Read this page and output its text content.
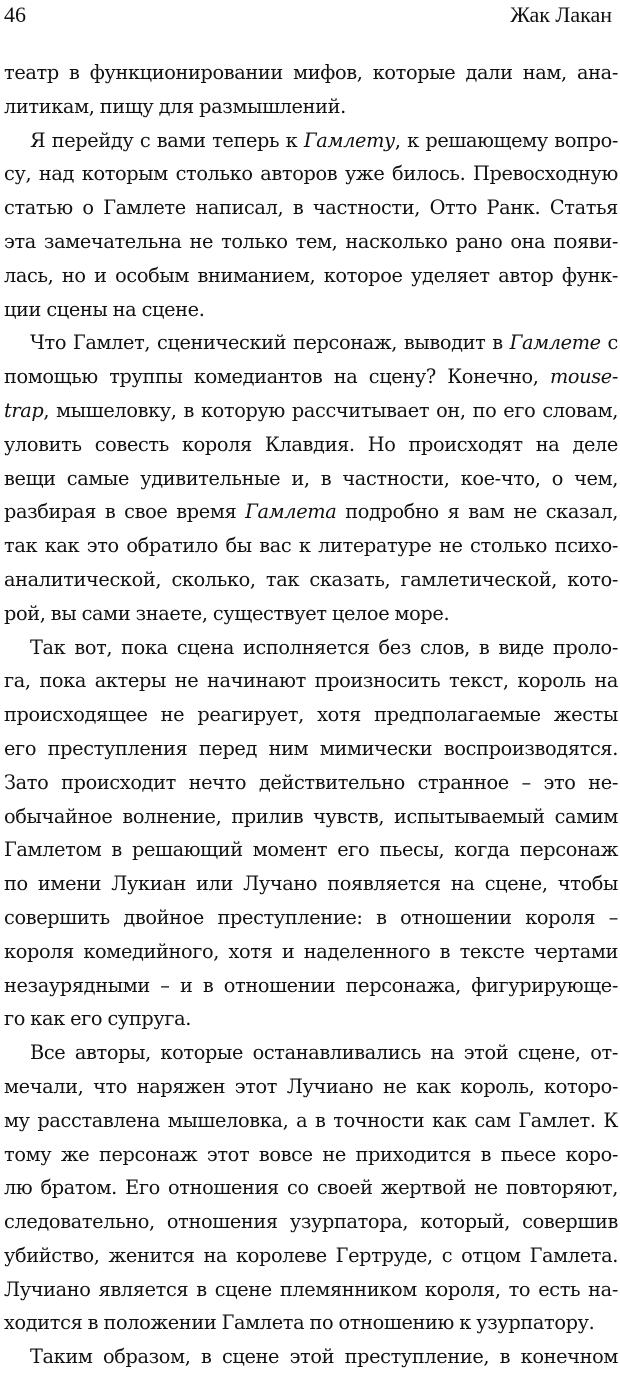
46	Жак Лакан
театр в функционировании мифов, которые дали нам, ана-
литикам, пищу для размышлений.
Я перейду с вами теперь к Гамлету, к решающему вопро-
су, над которым столько авторов уже билось. Превосходную
статью о Гамлете написал, в частности, Отто Ранк. Статья
эта замечательна не только тем, насколько рано она появи-
лась, но и особым вниманием, которое уделяет автор функ-
ции сцены на сцене.
Что Гамлет, сценический персонаж, выводит в Гамлете с
помощью труппы комедиантов на сцену? Конечно, mouse-
trap, мышеловку, в которую рассчитывает он, по его словам,
уловить совесть короля Клавдия. Но происходят на деле
вещи самые удивительные и, в частности, кое-что, о чем,
разбирая в свое время Гамлета подробно я вам не сказал,
так как это обратило бы вас к литературе не столько психо-
аналитической, сколько, так сказать, гамлетической, кото-
рой, вы сами знаете, существует целое море.
Так вот, пока сцена исполняется без слов, в виде проло-
га, пока актеры не начинают произносить текст, король на
происходящее не реагирует, хотя предполагаемые жесты
его преступления перед ним мимически воспроизводятся.
Зато происходит нечто действительно странное – это не-
обычайное волнение, прилив чувств, испытываемый самим
Гамлетом в решающий момент его пьесы, когда персонаж
по имени Лукиан или Лучано появляется на сцене, чтобы
совершить двойное преступление: в отношении короля –
короля комедийного, хотя и наделенного в тексте чертами
незаурядными – и в отношении персонажа, фигурирующе-
го как его супруга.
Все авторы, которые останавливались на этой сцене, от-
мечали, что наряжен этот Лучиано не как король, которо-
му расставлена мышеловка, а в точности как сам Гамлет. К
тому же персонаж этот вовсе не приходится в пьесе коро-
лю братом. Его отношения со своей жертвой не повторяют,
следовательно, отношения узурпатора, который, совершив
убийство, женится на королеве Гертруде, с отцом Гамлета.
Лучиано является в сцене племянником короля, то есть на-
ходится в положении Гамлета по отношению к узурпатору.
Таким образом, в сцене этой преступление, в конечном
